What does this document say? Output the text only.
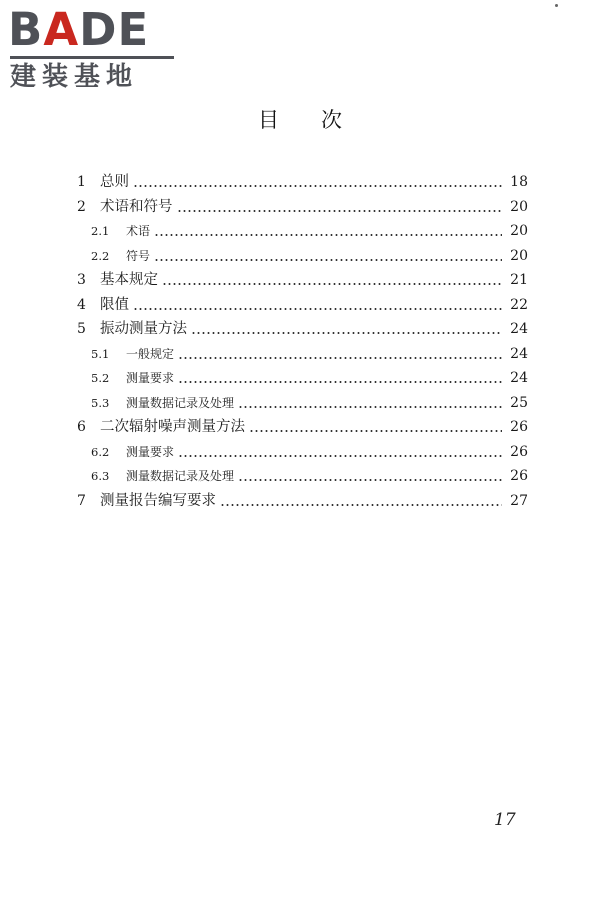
BADE
建装基地
目　　次
1 总则	18
2 术语和符号	20
2.1 术语	20
2.2 符号	20
3 基本规定	21
4 限值	22
5 振动测量方法	24
5.1 一般规定	24
5.2 测量要求	24
5.3 测量数据记录及处理	25
6 二次辐射噪声测量方法	26
6.2 测量要求	26
6.3 测量数据记录及处理	26
7 测量报告编写要求	27
17
